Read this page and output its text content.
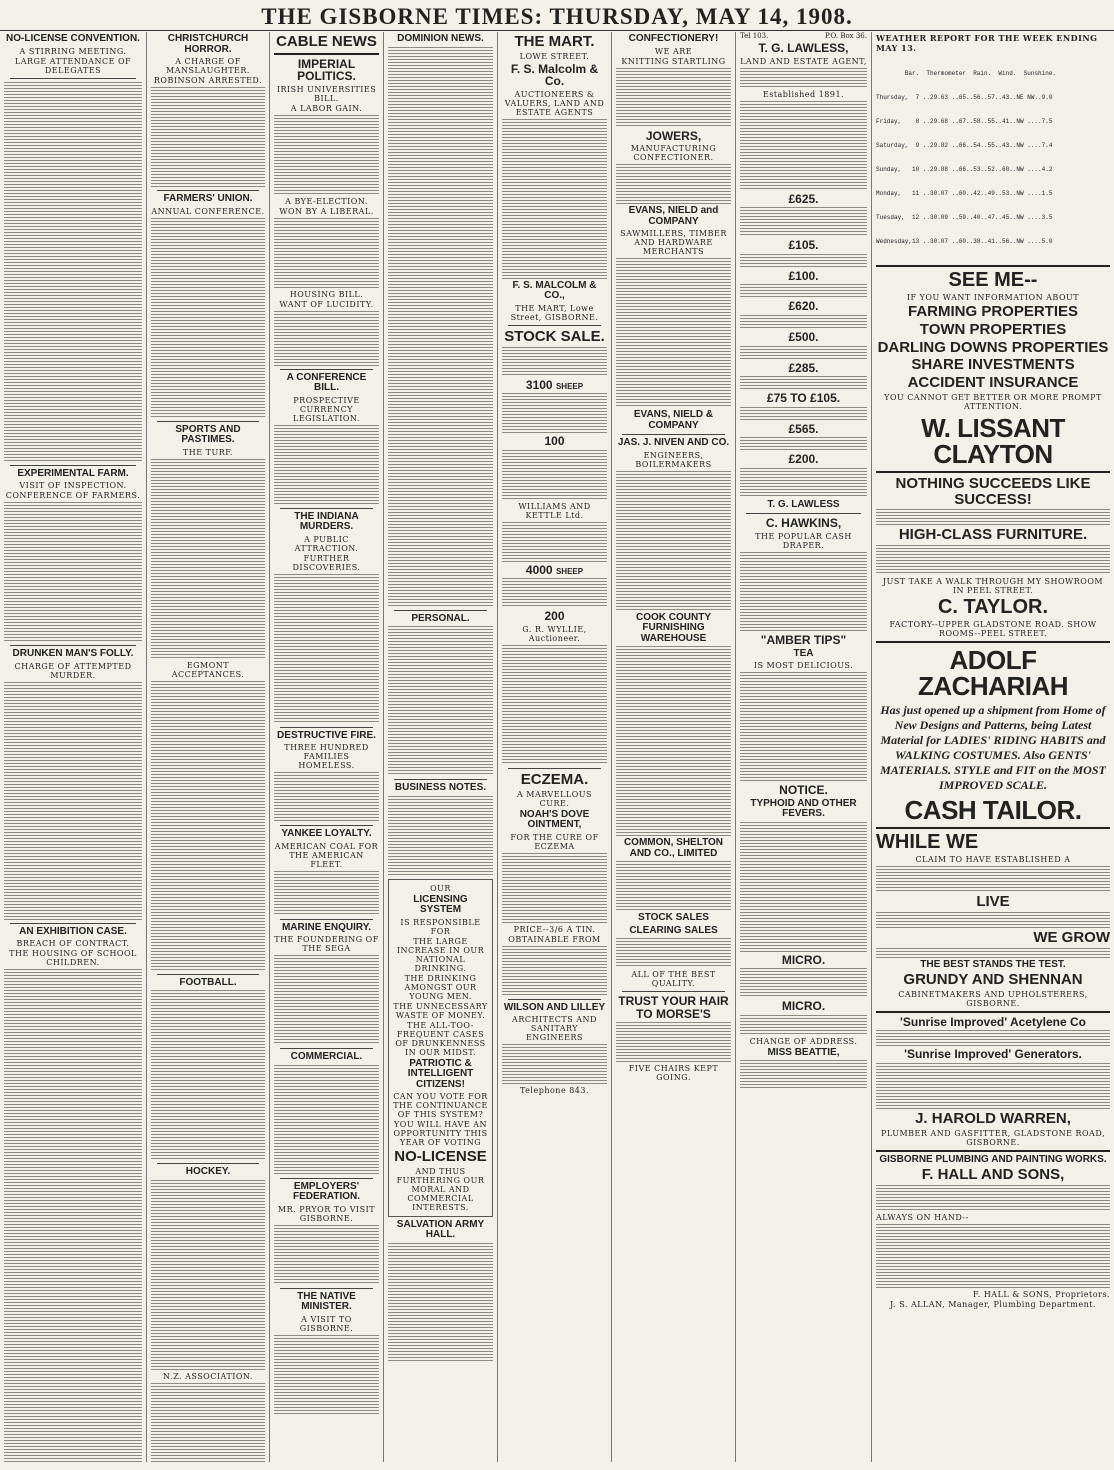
THE GISBORNE TIMES: THURSDAY, MAY 14, 1908.
NO-LICENSE CONVENTION.
A STIRRING MEETING.
LARGE ATTENDANCE OF DELEGATES
EXPERIMENTAL FARM.
VISIT OF INSPECTION.
CONFERENCE OF FARMERS.
DRUNKEN MAN'S FOLLY.
CHARGE OF ATTEMPTED MURDER.
AN EXHIBITION CASE.
BREACH OF CONTRACT.
THE HOUSING OF SCHOOL CHILDREN.
CHRISTCHURCH HORROR.
A CHARGE OF MANSLAUGHTER.
ROBINSON ARRESTED.
FARMERS' UNION.
ANNUAL CONFERENCE.
SPORTS AND PASTIMES.
THE TURF.
EGMONT ACCEPTANCES.
FOOTBALL.
HOCKEY.
N.Z. ASSOCIATION.
CABLE NEWS
IMPERIAL POLITICS.
IRISH UNIVERSITIES BILL.
A LABOR GAIN.
A BYE-ELECTION.
WON BY A LIBERAL.
HOUSING BILL.
WANT OF LUCIDITY.
A CONFERENCE BILL.
PROSPECTIVE CURRENCY LEGISLATION.
THE INDIANA MURDERS.
A PUBLIC ATTRACTION.
FURTHER DISCOVERIES.
DESTRUCTIVE FIRE.
THREE HUNDRED FAMILIES HOMELESS.
YANKEE LOYALTY.
AMERICAN COAL FOR THE AMERICAN FLEET.
MARINE ENQUIRY.
THE FOUNDERING OF THE SEGA
COMMERCIAL.
EMPLOYERS' FEDERATION.
MR. PRYOR TO VISIT GISBORNE.
THE NATIVE MINISTER.
A VISIT TO GISBORNE.
DOMINION NEWS.
PERSONAL.
BUSINESS NOTES.
OUR
LICENSING SYSTEM
IS RESPONSIBLE FOR
THE LARGE INCREASE IN OUR NATIONAL DRINKING.
THE DRINKING AMONGST OUR YOUNG MEN.
THE UNNECESSARY WASTE OF MONEY.
THE ALL-TOO-FREQUENT CASES OF DRUNKENNESS IN OUR MIDST.
PATRIOTIC & INTELLIGENT CITIZENS!
CAN YOU VOTE FOR THE CONTINUANCE OF THIS SYSTEM?
YOU WILL HAVE AN OPPORTUNITY THIS YEAR OF VOTING
NO-LICENSE
AND THUS FURTHERING OUR MORAL AND COMMERCIAL INTERESTS.
SALVATION ARMY HALL.
THE MART.
LOWE STREET.
F. S. Malcolm & Co.
AUCTIONEERS & VALUERS, LAND AND ESTATE AGENTS
F. S. MALCOLM & CO.,
THE MART, Lowe Street, GISBORNE.
STOCK SALE.
3100 SHEEP
100
WILLIAMS AND KETTLE Ltd.
4000 SHEEP
200
G. R. WYLLIE, Auctioneer.
ECZEMA.
A MARVELLOUS CURE.
NOAH'S DOVE OINTMENT,
FOR THE CURE OF ECZEMA
PRICE--3/6 A TIN.
OBTAINABLE FROM
WILSON AND LILLEY
ARCHITECTS AND SANITARY ENGINEERS
Telephone 843.
CONFECTIONERY!
WE ARE
KNITTING STARTLING
JOWERS,
MANUFACTURING CONFECTIONER.
EVANS, NIELD and COMPANY
SAWMILLERS, TIMBER AND HARDWARE MERCHANTS
EVANS, NIELD & COMPANY
JAS. J. NIVEN AND CO.
ENGINEERS, BOILERMAKERS
COOK COUNTY FURNISHING WAREHOUSE
COMMON, SHELTON AND CO., LIMITED
STOCK SALES
CLEARING SALES
ALL OF THE BEST QUALITY.
TRUST YOUR HAIR TO MORSE'S
FIVE CHAIRS KEPT GOING.
Tel 103.	P.O. Box 36.
T. G. LAWLESS,
LAND AND ESTATE AGENT,
Established 1891.
£625.
£105.
£100.
£620.
£500.
£285.
£75 TO £105.
£565.
£200.
T. G. LAWLESS
C. HAWKINS,
THE POPULAR CASH DRAPER.
"AMBER TIPS"
TEA
IS MOST DELICIOUS.
NOTICE.
TYPHOID AND OTHER FEVERS.
MICRO.
MICRO.
CHANGE OF ADDRESS.
MISS BEATTIE,
WEATHER REPORT FOR THE WEEK ENDING MAY 13.

Bar.  Thermometer  Rain.  Wind.  Sunshine.

Thursday,  7 ..29.63 ..65..56..57..43..NE NW..9.0

Friday,    8 ..29.68 ..67..58..55..41..NW ....7.5

Saturday,  9 ..29.82 ..66..54..55..43..NW ....7.4

Sunday,   10 ..29.88 ..66..53..52..60..NW ....4.2

Monday,   11 ..30.07 ..60..42..49..53..NW ....1.5

Tuesday,  12 ..30.09 ..59..40..47..45..NW ....3.5

Wednesday,13 ..30.07 ..60..38..41..56..NW ....5.0

SEE ME--
IF YOU WANT INFORMATION ABOUT
FARMING PROPERTIES
TOWN PROPERTIES
DARLING DOWNS PROPERTIES
SHARE INVESTMENTS
ACCIDENT INSURANCE
YOU CANNOT GET BETTER OR MORE PROMPT ATTENTION.
W. LISSANT CLAYTON
NOTHING SUCCEEDS LIKE SUCCESS!
HIGH-CLASS FURNITURE.
JUST TAKE A WALK THROUGH MY SHOWROOM IN PEEL STREET.
C. TAYLOR.
FACTORY--UPPER GLADSTONE ROAD. SHOW ROOMS--PEEL STREET.
ADOLF ZACHARIAH
Has just opened up a shipment from Home of New Designs and Patterns, being Latest Material for LADIES' RIDING HABITS and WALKING COSTUMES. Also GENTS' MATERIALS. STYLE and FIT on the MOST IMPROVED SCALE.
CASH TAILOR.
WHILE WE
CLAIM TO HAVE ESTABLISHED A
LIVE
WE GROW
THE BEST STANDS THE TEST.
GRUNDY AND SHENNAN
CABINETMAKERS AND UPHOLSTERERS, GISBORNE.
'Sunrise Improved' Acetylene Co
'Sunrise Improved' Generators.
J. HAROLD WARREN,
PLUMBER AND GASFITTER, GLADSTONE ROAD, GISBORNE.
GISBORNE PLUMBING AND PAINTING WORKS.
F. HALL AND SONS,
ALWAYS ON HAND--
F. HALL & SONS, Proprietors.
J. S. ALLAN, Manager, Plumbing Department.
